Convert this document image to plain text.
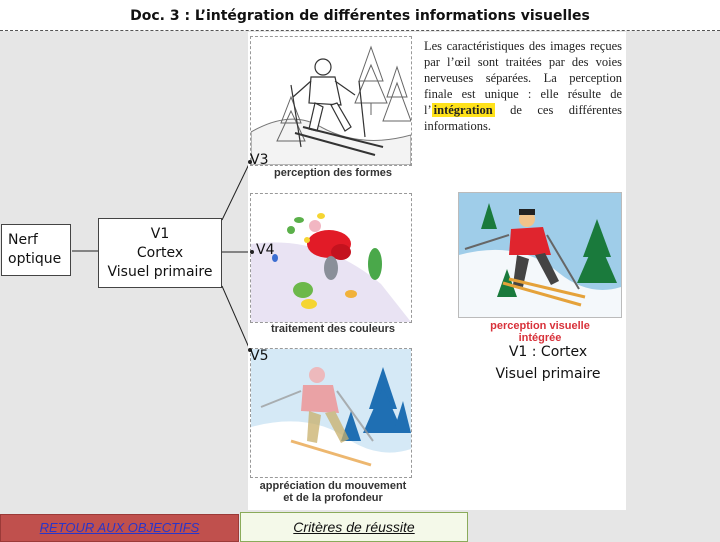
Doc. 3 : L’intégration de différentes informations visuelles
Nerf
optique
V1
Cortex
Visuel primaire
perception des formes
traitement des couleurs
appréciation du mouvement
et de la profondeur
perception visuelle
intégrée
Les caractéristiques des images reçues par l’œil sont traitées par des voies nerveuses séparées. La perception finale est unique : elle résulte de l’ intégration de ces différentes informations.
V3
V4
V5	V1 : Cortex
Visuel primaire
RETOUR AUX OBJECTIFS	Critères de réussite
